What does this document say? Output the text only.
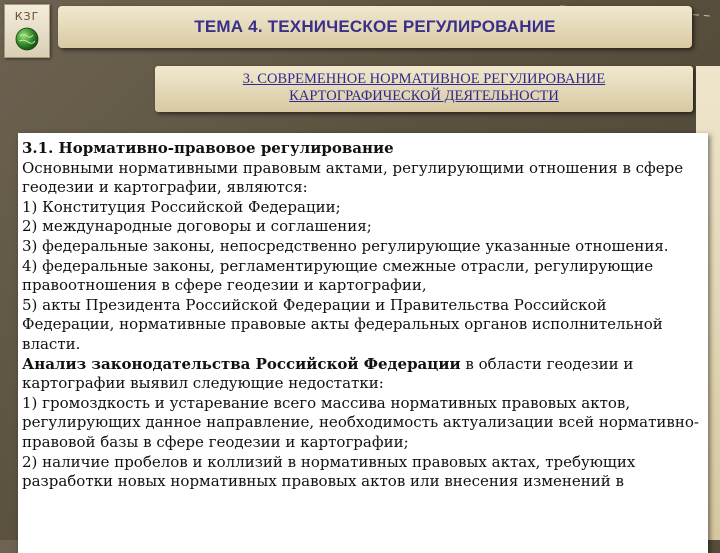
КЗГ
ТЕМА 4. ТЕХНИЧЕСКОЕ РЕГУЛИРОВАНИЕ
3. СОВРЕМЕННОЕ НОРМАТИВНОЕ РЕГУЛИРОВАНИЕ
КАРТОГРАФИЧЕСКОЙ ДЕЯТЕЛЬНОСТИ

3.1. Нормативно-правовое регулирование

Основными нормативными правовым актами, регулирующими отношения в сфере геодезии и картографии, являются:

1) Конституция Российской Федерации;

2) международные договоры и соглашения;

3) федеральные законы, непосредственно регулирующие указанные отношения.

4) федеральные законы, регламентирующие смежные отрасли, регулирующие правоотношения в сфере геодезии и картографии,

5) акты Президента Российской Федерации и Правительства Российской Федерации, нормативные правовые акты федеральных органов исполнительной власти.

Анализ законодательства Российской Федерации в области геодезии и картографии выявил следующие недостатки:

1) громоздкость и устаревание всего массива нормативных правовых актов, регулирующих данное направление, необходимость актуализации всей нормативно-правовой базы в сфере геодезии и картографии;

2) наличие пробелов и коллизий в нормативных правовых актах, требующих разработки новых нормативных правовых актов или внесения изменений в
